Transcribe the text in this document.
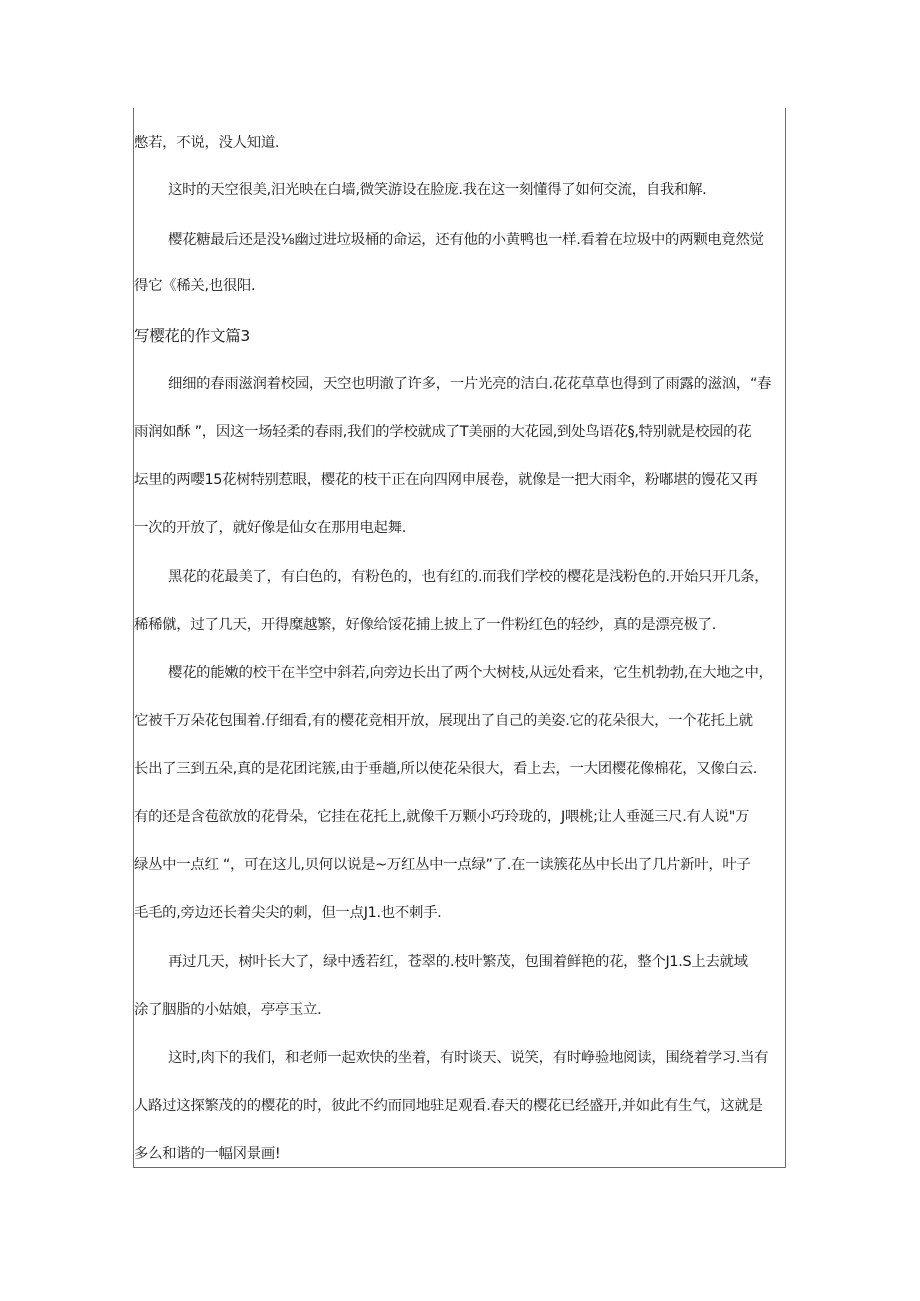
憋若，不说，没人知道.
这时的天空很美,汨光映在白墙,微笑游设在脸庞.我在这一刻懂得了如何交流，自我和解.
樱花糖最后还是没⅛幽过进垃圾桶的命运，还有他的小黄鸭也一样.看着在垃圾中的两颗电竟然觉
得它《稀关,也很阳.
写樱花的作文篇3
细细的春雨滋润着校园，天空也明澈了许多，一片光亮的洁白.花花草草也得到了雨露的滋汹，“春
雨润如酥 ”，因这一场轻柔的春雨,我们的学校就成了T美丽的大花园,到处鸟语花§,特别就是校园的花
坛里的两嘤15花树特别惹眼，樱花的枝干正在向四网申展卷，就像是一把大雨伞，粉嘟堪的馒花又再
一次的开放了，就好像是仙女在那用电起舞.
黑花的花最美了，有白色的，有粉色的，也有红的.而我们学校的樱花是浅粉色的.开始只开几条，
稀稀僦，过了几天，开得糜越繁，好像给馁花捕上披上了一件粉红色的轻纱，真的是漂亮极了.
樱花的能嫩的校干在半空中斜若,向旁边长出了两个大树枝,从远处看来，它生机勃勃,在大地之中，
它被千万朵花包围着.仔细看,有的樱花竞相开放，展现出了自己的美姿.它的花朵很大，一个花托上就
长出了三到五朵,真的是花团诧簇,由于垂趟,所以使花朵很大，看上去，一大团樱花像棉花，又像白云.
有的还是含苞欲放的花骨朵，它挂在花托上,就像千万颗小巧玲珑的，J喂桃;让人垂涎三尺.有人说"万
绿丛中一点红 “，可在这儿,贝何以说是~万红丛中一点绿”了.在一读簇花丛中长出了几片新叶，叶子
毛毛的,旁边还长着尖尖的刺，但一点J1.也不刺手.
再过几天，树叶长大了，绿中透若红，苍翠的.枝叶繁茂，包围着鲜艳的花，整个J1.S上去就域
涂了胭脂的小姑娘，亭亭玉立.
这时,肉下的我们，和老师一起欢快的坐着，有时谈天、说笑，有时峥验地阅读，围绕着学习.当有
人路过这探繁茂的的樱花的时，彼此不约而同地驻足观看.春天的樱花已经盛开,并如此有生气，这就是
多么和谐的一幅冈景画!
